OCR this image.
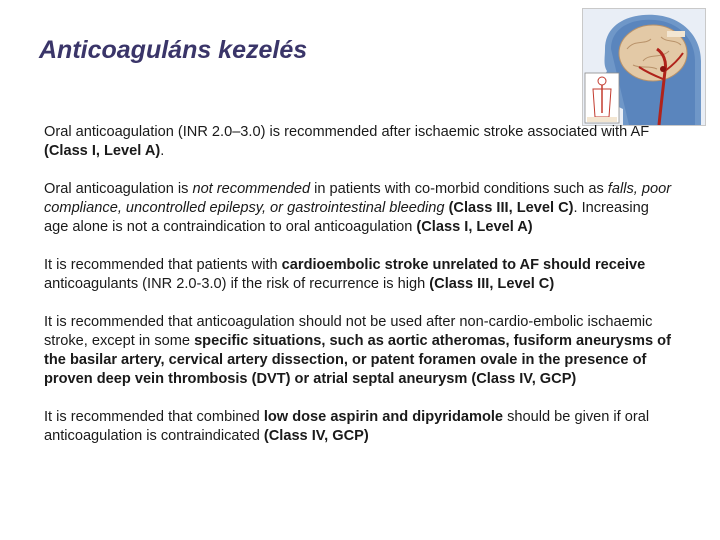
Anticoaguláns kezelés

Oral anticoagulation (INR 2.0–3.0) is recommended after ischaemic stroke associated with AF (Class I, Level A).

Oral anticoagulation is not recommended in patients with co-morbid conditions such as falls, poor compliance, uncontrolled epilepsy, or gastrointestinal bleeding (Class III, Level C). Increasing age alone is not a contraindication to oral anticoagulation (Class I, Level A)

It is recommended that patients with cardioembolic stroke unrelated to AF should receive anticoagulants (INR 2.0-3.0) if the risk of recurrence is high (Class III, Level C)

It is recommended that anticoagulation should not be used after non-cardio-embolic ischaemic stroke, except in some specific situations, such as aortic atheromas, fusiform aneurysms of the basilar artery, cervical artery dissection, or patent foramen ovale in the presence of proven deep vein thrombosis (DVT) or atrial septal aneurysm (Class IV, GCP)

It is recommended that combined low dose aspirin and dipyridamole should be given if oral anticoagulation is contraindicated (Class IV, GCP)
